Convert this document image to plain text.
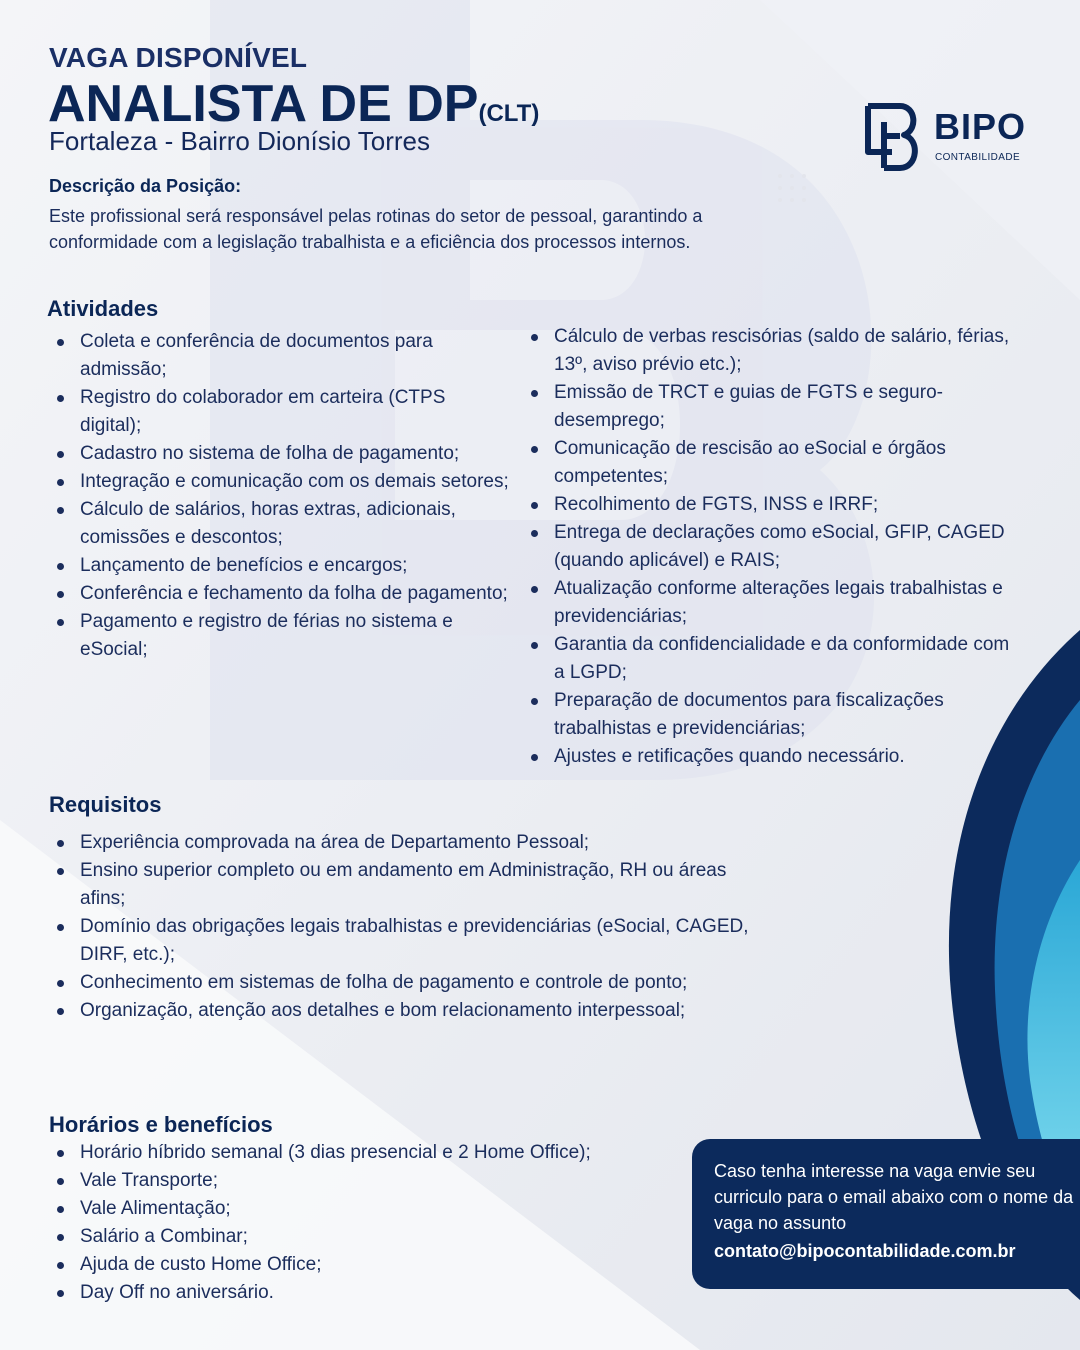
VAGA DISPONÍVEL
ANALISTA DE DP(CLT)
Fortaleza - Bairro Dionísio Torres	BIPO
CONTABILIDADE
Descrição da Posição:
Este profissional será responsável pelas rotinas do setor de pessoal, garantindo a conformidade com a legislação trabalhista e a eficiência dos processos internos.
Atividades
Coleta e conferência de documentos para admissão;
Registro do colaborador em carteira (CTPS digital);
Cadastro no sistema de folha de pagamento;
Integração e comunicação com os demais setores;
Cálculo de salários, horas extras, adicionais, comissões e descontos;
Lançamento de benefícios e encargos;
Conferência e fechamento da folha de pagamento;
Pagamento e registro de férias no sistema e eSocial;
Cálculo de verbas rescisórias (saldo de salário, férias, 13º, aviso prévio etc.);
Emissão de TRCT e guias de FGTS e seguro-desemprego;
Comunicação de rescisão ao eSocial e órgãos competentes;
Recolhimento de FGTS, INSS e IRRF;
Entrega de declarações como eSocial, GFIP, CAGED (quando aplicável) e RAIS;
Atualização conforme alterações legais trabalhistas e previdenciárias;
Garantia da confidencialidade e da conformidade com a LGPD;
Preparação de documentos para fiscalizações trabalhistas e previdenciárias;
Ajustes e retificações quando necessário.
Requisitos
Experiência comprovada na área de Departamento Pessoal;
Ensino superior completo ou em andamento em Administração, RH ou áreas afins;
Domínio das obrigações legais trabalhistas e previdenciárias (eSocial, CAGED, DIRF, etc.);
Conhecimento em sistemas de folha de pagamento e controle de ponto;
Organização, atenção aos detalhes e bom relacionamento interpessoal;
Horários e benefícios
Horário híbrido semanal (3 dias presencial e 2 Home Office);
Vale Transporte;
Vale Alimentação;
Salário a Combinar;
Ajuda de custo Home Office;
Day Off no aniversário.
Caso tenha interesse na vaga envie seu curriculo para o email abaixo com o nome da vaga no assunto
contato@bipocontabilidade.com.br
